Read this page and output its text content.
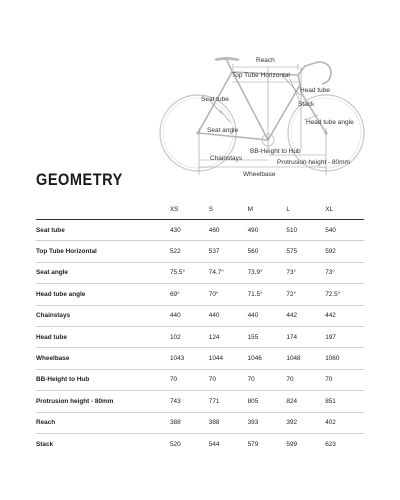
Reach
Top Tube Horizontal
Head tube
Seat tube
Stack
Head tube angle
Seat angle
Chainstays
BB-Height to Hub
Protrusion height - 80mm
Wheelbase
GEOMETRY
	XS	S	M	L	XL
Seat tube	430	460	490	510	540
Top Tube Horizontal	522	537	560	575	592
Seat angle	75.5°	74.7°	73.9°	73°	73°
Head tube angle	69°	70°	71.5°	72°	72.5°
Chainstays	440	440	440	442	442
Head tube	102	124	155	174	197
Wheelbase	1043	1044	1046	1048	1060
BB-Height to Hub	70	70	70	70	70
Protrusion height - 80mm	743	771	805	824	851
Reach	388	388	393	392	402
Stack	520	544	579	599	623
